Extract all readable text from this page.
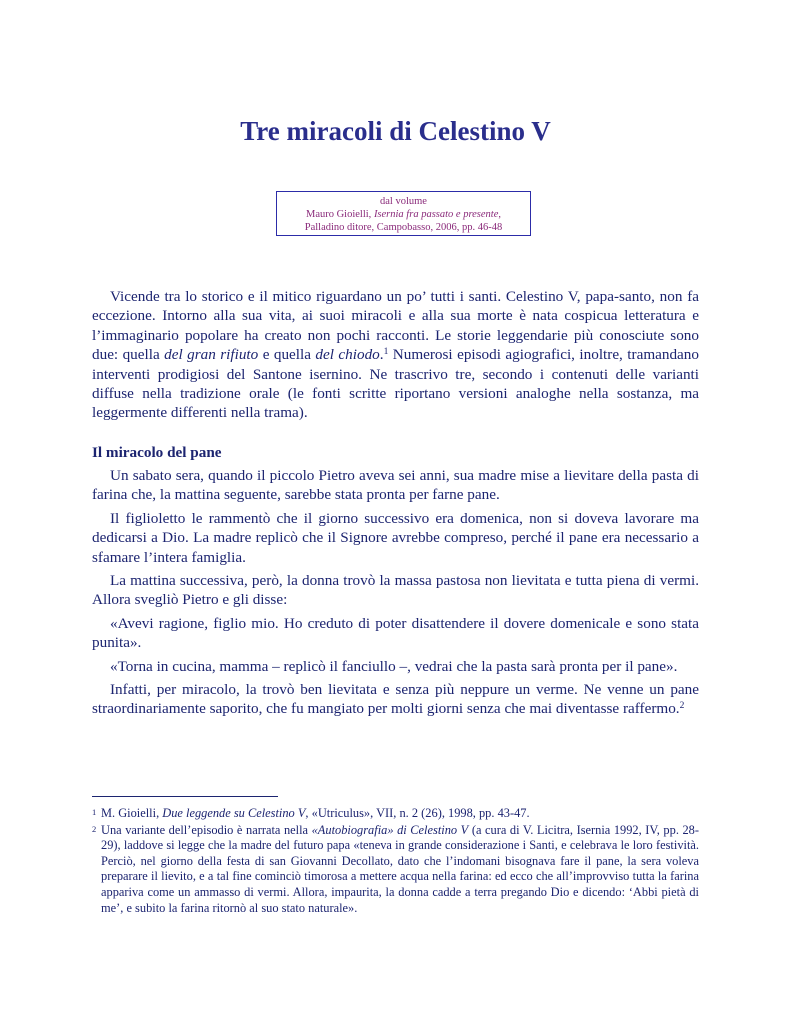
Tre miracoli di Celestino V
dal volume
Mauro Gioielli, Isernia fra passato e presente,
Palladino ditore, Campobasso, 2006, pp. 46-48

Vicende tra lo storico e il mitico riguardano un po’ tutti i santi. Celestino V, papa-santo, non fa eccezione. Intorno alla sua vita, ai suoi miracoli e alla sua morte è nata cospicua letteratura e l’immaginario popolare ha creato non pochi racconti. Le storie leggendarie più conosciute sono due: quella del gran rifiuto e quella del chiodo.$^1$ Numerosi episodi agiografici, inoltre, tramandano interventi prodigiosi del Santone isernino. Ne trascrivo tre, secondo i contenuti delle varianti diffuse nella tradizione orale (le fonti scritte riportano versioni analoghe nella sostanza, ma leggermente differenti nella trama).

Il miracolo del pane

Un sabato sera, quando il piccolo Pietro aveva sei anni, sua madre mise a lievitare della pasta di farina che, la mattina seguente, sarebbe stata pronta per farne pane.

Il figlioletto le rammentò che il giorno successivo era domenica, non si doveva lavorare ma dedicarsi a Dio. La madre replicò che il Signore avrebbe compreso, perché il pane era necessario a sfamare l’intera famiglia.

La mattina successiva, però, la donna trovò la massa pastosa non lievitata e tutta piena di vermi. Allora svegliò Pietro e gli disse:

«Avevi ragione, figlio mio. Ho creduto di poter disattendere il dovere domenicale e sono stata punita».

«Torna in cucina, mamma – replicò il fanciullo –, vedrai che la pasta sarà pronta per il pane».

Infatti, per miracolo, la trovò ben lievitata e senza più neppure un verme. Ne venne un pane straordinariamente saporito, che fu mangiato per molti giorni senza che mai diventasse raffermo.$^2$

1 M. Gioielli, Due leggende su Celestino V, «Utriculus», VII, n. 2 (26), 1998, pp. 43-47.
2 Una variante dell’episodio è narrata nella «Autobiografia» di Celestino V (a cura di V. Licitra, Isernia 1992, IV, pp. 28-29), laddove si legge che la madre del futuro papa «teneva in grande considerazione i Santi, e celebrava le loro festività. Perciò, nel giorno della festa di san Giovanni Decollato, dato che l’indomani bisognava fare il pane, la sera voleva preparare il lievito, e a tal fine cominciò timorosa a mettere acqua nella farina: ed ecco che all’improvviso tutta la farina appariva come un ammasso di vermi. Allora, impaurita, la donna cadde a terra pregando Dio e dicendo: ‘Abbi pietà di me’, e subito la farina ritornò al suo stato naturale».
